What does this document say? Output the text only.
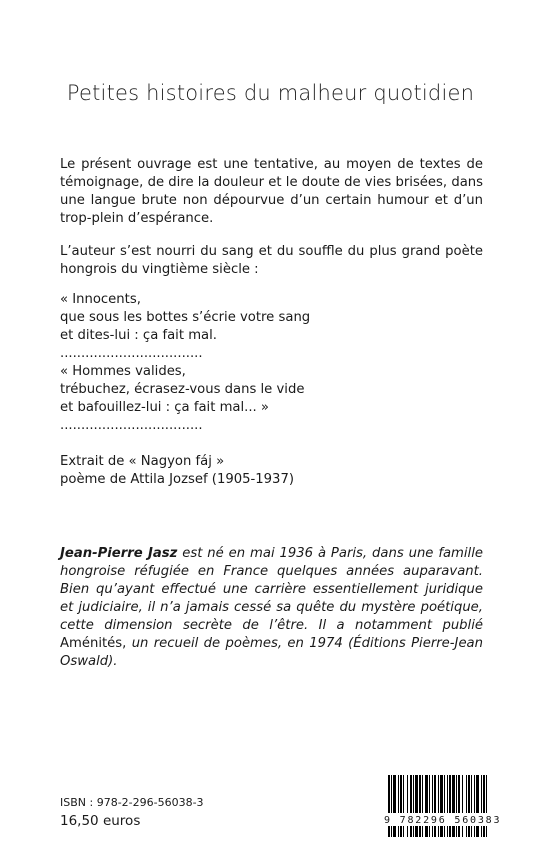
Petites histoires du malheur quotidien
Le présent ouvrage est une tentative, au moyen de textes de témoignage, de dire la douleur et le doute de vies brisées, dans une langue brute non dépourvue d’un certain humour et d’un trop-plein d’espérance.
L’auteur s’est nourri du sang et du souffle du plus grand poète hongrois du vingtième siècle :
« Innocents,
que sous les bottes s’écrie votre sang
et dites-lui : ça fait mal.
..................................
« Hommes valides,
trébuchez, écrasez-vous dans le vide
et bafouillez-lui : ça fait mal... »
..................................
Extrait de « Nagyon fáj »
poème de Attila Jozsef (1905-1937)
Jean-Pierre Jasz est né en mai 1936 à Paris, dans une famille hongroise réfugiée en France quelques années auparavant. Bien qu’ayant effectué une carrière essentiellement juridique et judiciaire, il n’a jamais cessé sa quête du mystère poétique, cette dimension secrète de l’être. Il a notamment publié Aménités, un recueil de poèmes, en 1974 (Éditions Pierre-Jean Oswald).
ISBN : 978-2-296-56038-3
16,50 euros	9 782296 560383
